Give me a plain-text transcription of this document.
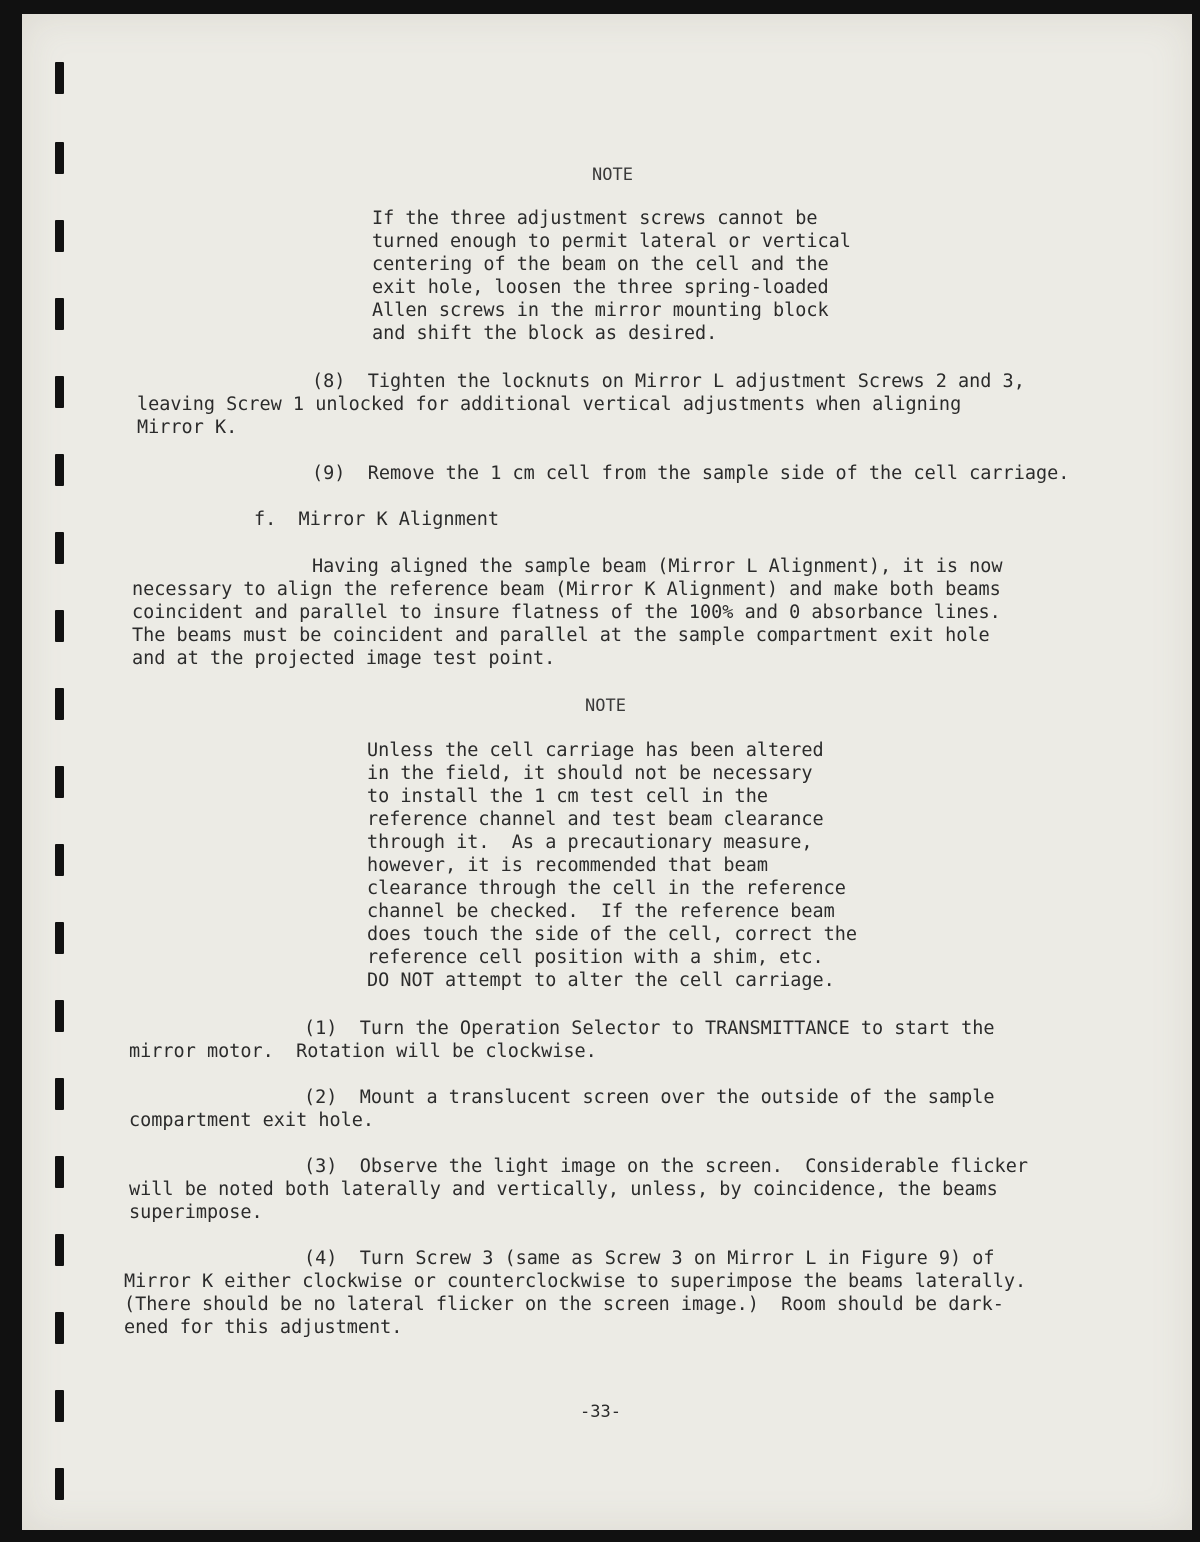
NOTE

If the three adjustment screws cannot be

turned enough to permit lateral or vertical

centering of the beam on the cell and the

exit hole, loosen the three spring-loaded

Allen screws in the mirror mounting block

and shift the block as desired.

(8)  Tighten the locknuts on Mirror L adjustment Screws 2 and 3,

leaving Screw 1 unlocked for additional vertical adjustments when aligning

Mirror K.

(9)  Remove the 1 cm cell from the sample side of the cell carriage.

f.  Mirror K Alignment

Having aligned the sample beam (Mirror L Alignment), it is now

necessary to align the reference beam (Mirror K Alignment) and make both beams

coincident and parallel to insure flatness of the 100% and 0 absorbance lines.

The beams must be coincident and parallel at the sample compartment exit hole

and at the projected image test point.

NOTE

Unless the cell carriage has been altered

in the field, it should not be necessary

to install the 1 cm test cell in the

reference channel and test beam clearance

through it.  As a precautionary measure,

however, it is recommended that beam

clearance through the cell in the reference

channel be checked.  If the reference beam

does touch the side of the cell, correct the

reference cell position with a shim, etc.

DO NOT attempt to alter the cell carriage.

(1)  Turn the Operation Selector to TRANSMITTANCE to start the

mirror motor.  Rotation will be clockwise.

(2)  Mount a translucent screen over the outside of the sample

compartment exit hole.

(3)  Observe the light image on the screen.  Considerable flicker

will be noted both laterally and vertically, unless, by coincidence, the beams

superimpose.

(4)  Turn Screw 3 (same as Screw 3 on Mirror L in Figure 9) of

Mirror K either clockwise or counterclockwise to superimpose the beams laterally.

(There should be no lateral flicker on the screen image.)  Room should be dark-

ened for this adjustment.

-33-
